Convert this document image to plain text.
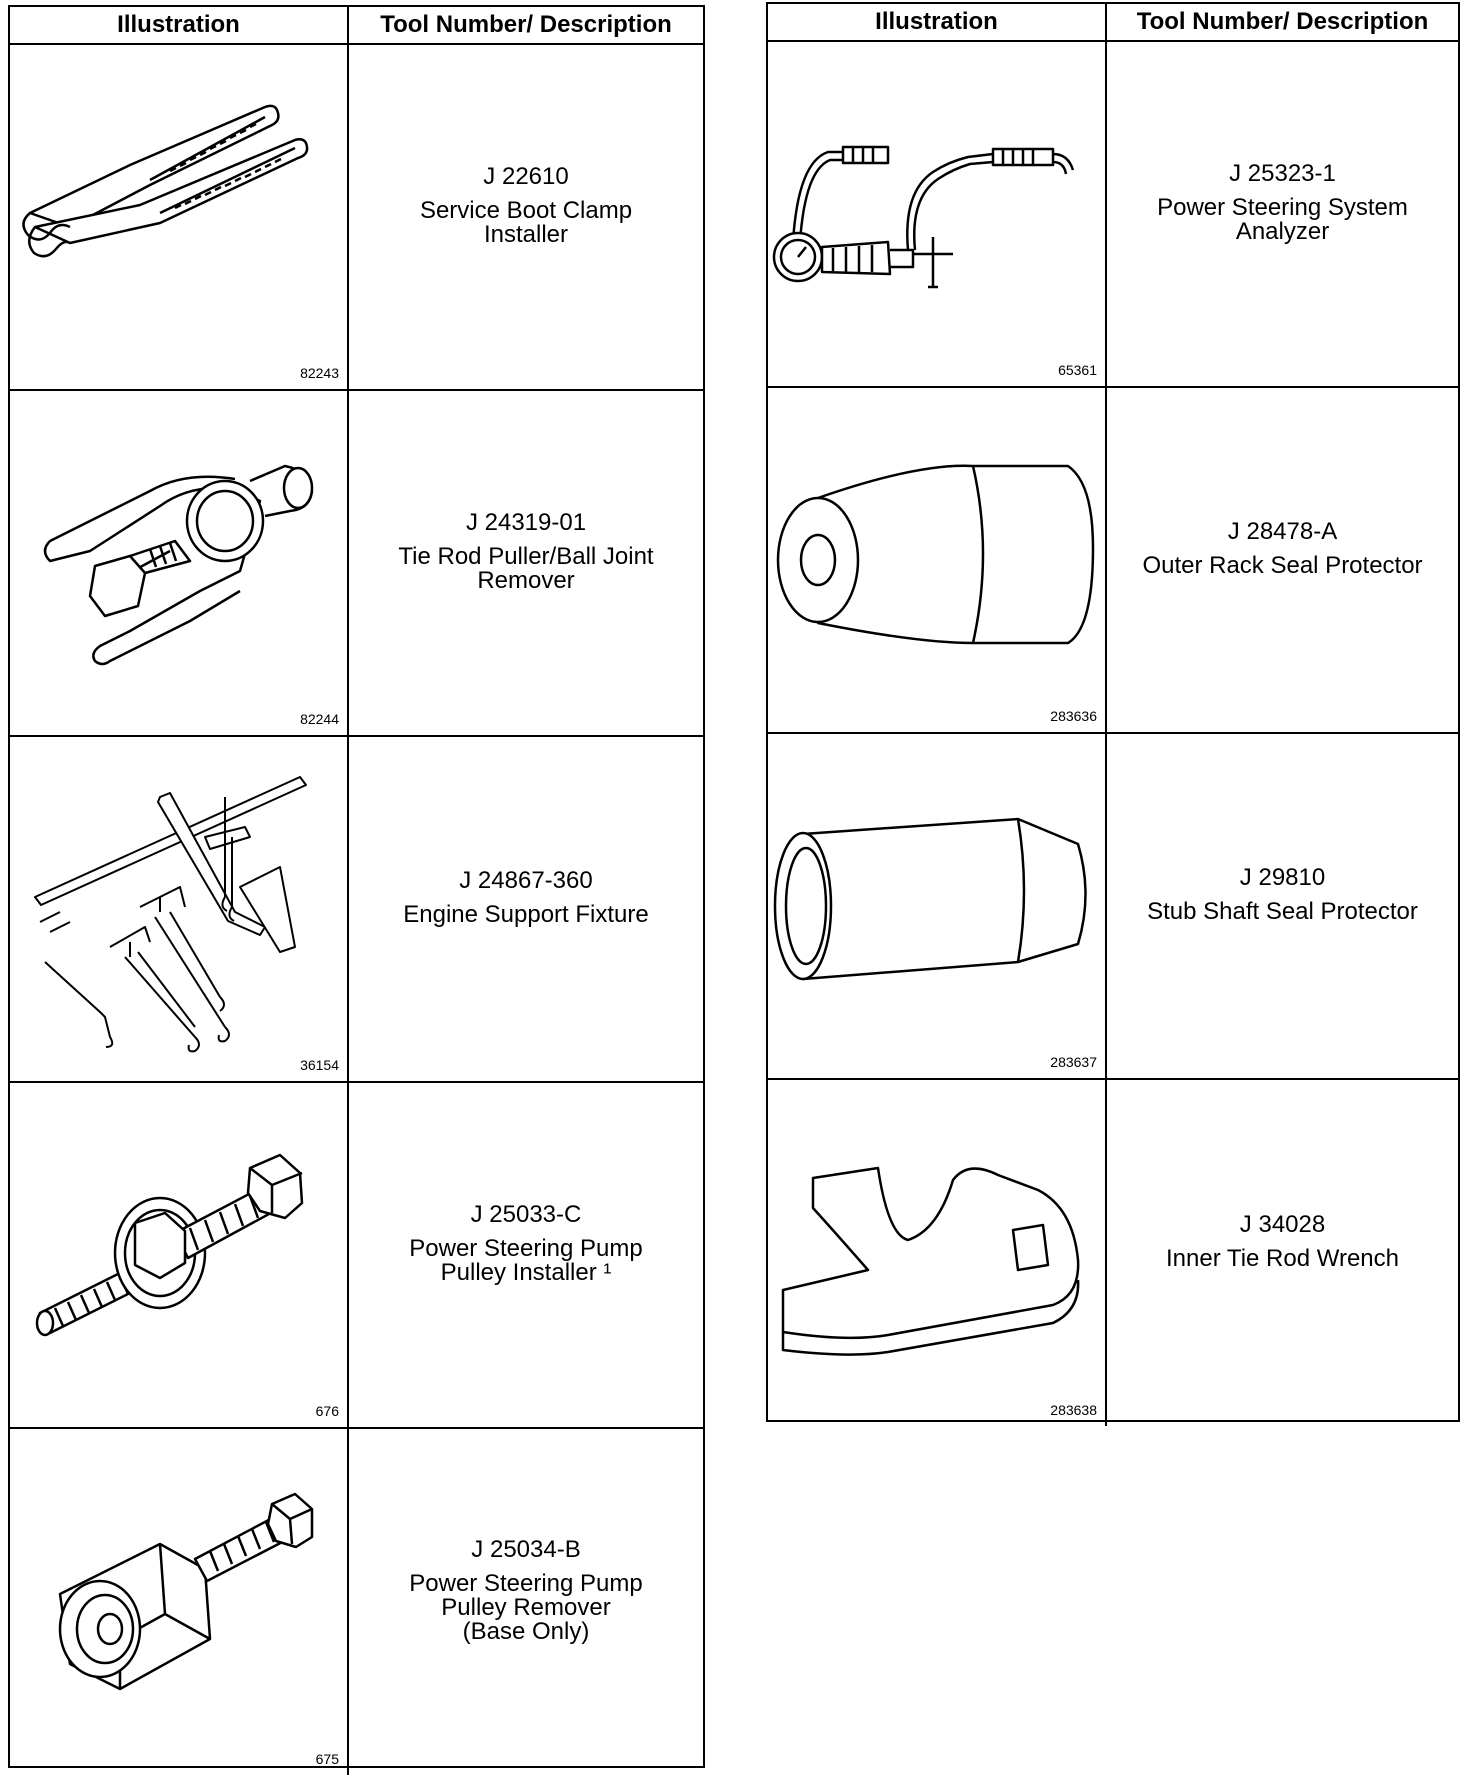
Illustration	Tool Number/ Description
82243
J 22610
Service Boot Clamp
Installer
82244
J 24319-01
Tie Rod Puller/Ball Joint
Remover
36154
J 24867-360
Engine Support Fixture
676
J 25033-C
Power Steering Pump
Pulley Installer ¹
675
J 25034-B
Power Steering Pump
Pulley Remover
(Base Only)
Illustration	Tool Number/ Description
65361
J 25323-1
Power Steering System
Analyzer
283636
J 28478-A
Outer Rack Seal Protector
283637
J 29810
Stub Shaft Seal Protector
283638
J 34028
Inner Tie Rod Wrench
